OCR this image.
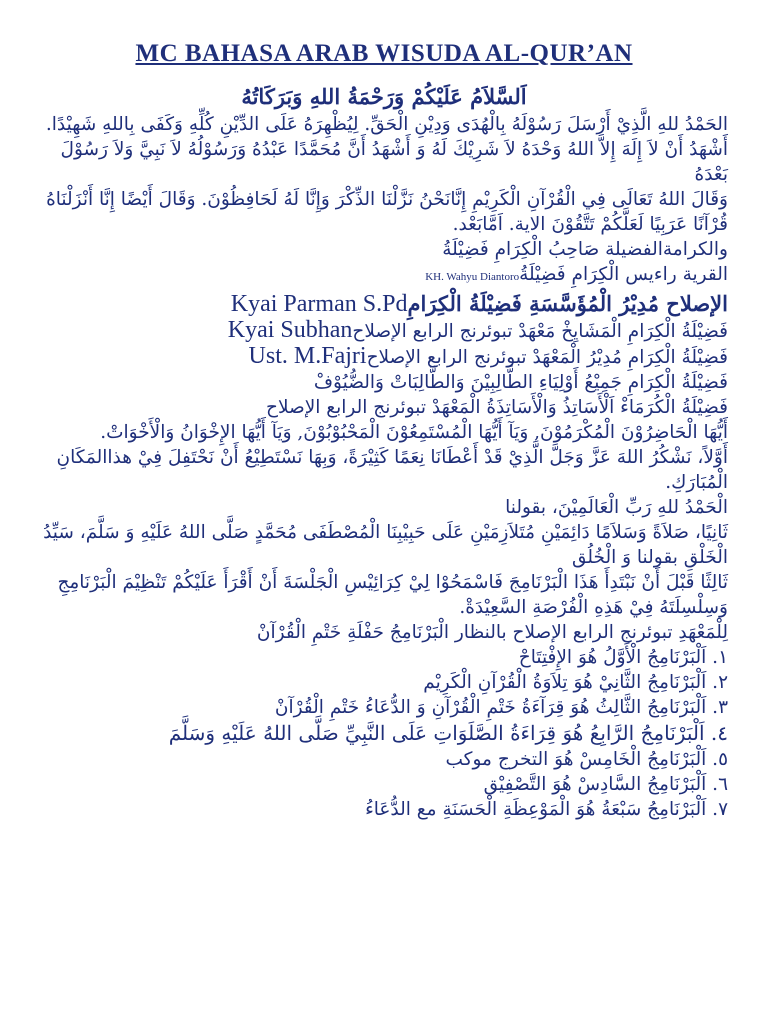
MC BAHASA ARAB WISUDA AL-QUR’AN
اَلسَّلاَمُ عَلَيْكُمْ وَرَحْمَةُ اللهِ وَبَرَكَاتُهُ

الحَمْدُ للهِ الَّذِيْ أَرْسَلَ رَسُوْلَهُ بِالْهُدَى وَدِيْنِ الْحَقِّ. لِيُظْهِرَهُ عَلَى الدِّيْنِ كُلِّهِ وَكَفَى بِاللهِ شَهِيْدًا.

أَشْهَدُ أَنْ لاَ إِلَهَ إِلاَّ اللهُ وَحْدَهُ لاَ شَرِيْكَ لَهُ وَ أَشْهَدُ أَنَّ مُحَمَّدًا عَبْدُهُ وَرَسُوْلُهُ لاَ نَبِيَّ وَلاَ رَسُوْلَ بَعْدَهُ

وَقَالَ اللهُ تَعَالَى فِي الْقُرْآنِ الْكَرِيْمِ إِنَّانَحْنُ نَزَّلْنَا الذِّكْرَ وَإِنَّا لَهُ لَحَافِظُوْنَ. وَقَالَ أَيْضًا إِنَّا أَنْزَلْنَاهُ قُرْآنًا عَرَبِيًا لَعَلَّكُمْ تَتَّقُوْنَ الاية. اَمَّابَعْد.

والكرامةالفضيلة صَاحِبُ الْكِرَامِ فَضِيْلَةُ

القرية راءيس الْكِرَامِ فَضِيْلَةُ KH. Wahyu Diantoro

الإصلاح مُدِيْرُ الْمُؤَسَّسَةِ فَضِيْلَةُ الْكِرَامِ Kyai Parman S.Pd

فَضِيْلَةُ الْكِرَامِ الْمَشَايِخْ مَعْهَدْ تبوئرنج الرابع الإصلاح Kyai Subhan

فَضِيْلَةُ الْكِرَامِ مُدِيْرُ الْمَعْهَدْ تبوئرنج الرابع الإصلاح Ust. M.Fajri

فَضِيْلَةُ الْكِرَامِ جَمِيْعُ أَوْلِيَاءِ الطَّالِبِيْنَ وَالطَّالِبَاتْ وَالضُّيُوْفْ

فَضِيْلَةُ الْكُرَمَاءْ اَلْأَسَاتِذُ وَالْأَسَاتِذَةُ الْمَعْهَدْ تبوئرنج الرابع الإصلاح

أَيُّهَا الْحَاضِرُوْنَ الْمُكْرَمُوْنَ, وَيَآ أَيُّهَا الْمُسْتَمِعُوْنَ الْمَحْبُوْبُوْنَ, وَيَآ أَيُّهَا الإِخْوَانُ وَالْأَخْوَاتْ.

أَوَّلاً، نَشْكُرُ اللهَ عَزَّ وَجَلَّ الَّذِيْ قَدْ أَعْطَانَا نِعَمًا كَثِيْرَةً، وَبِهَا نَسْتَطِيْعُ أَنْ نَحْتَفِلَ فِيْ هذاالمَكَانِ الْمُبَارَكِ.

الْحَمْدُ للهِ رَبِّ الْعَالَمِيْنَ، بقولنا

ثَانِيًا، صَلاَةً وَسَلاَمًا دَائِمَيْنِ مُتَلاَزِمَيْنِ عَلَى حَبِيْبِنَا الْمُصْطَفَى مُحَمَّدٍ صَلَّى اللهُ عَلَيْهِ وَ سَلَّمَ، سَيِّدُ الْخَلْقِ بقولنا وَ الْخُلُق

ثَالِثًا قَبْلَ أَنْ نَبْتَدِأَ هَذَا الْبَرْنَامِجَ فَاسْمَحُوْا لِيْ كِرَائِيْسِ الْجَلْسَةَ أَنْ أَقْرَأَ عَلَيْكُمْ تَنْظِيْمَ الْبَرْنَامِجِ وَسِلْسِلَتَهُ فِيْ هَذِهِ الْفُرْصَةِ السَّعِيْدَةْ.

لِلْمَعْهَدِ تبوئرنج الرابع الإصلاح بالنظار الْبَرْنَامِجُ حَفْلَةِ خَتْمِ الْقُرْآنْ

١. اَلْبَرْنَامِجُ الْأَوَّلُ هُوَ الإِفْتِتَاحْ

٢. اَلْبَرْنَامِجُ الثَّانِيْ هُوَ تِلاَوَةُ الْقُرْآنِ الْكَرِيْم

٣. اَلْبَرْنَامِجُ الثَّالِثُ هُوَ قِرَآءَةُ خَتْمِ الْقُرْآنِ وَ الدُّعَاءُ خَتْمِ الْقُرْآنْ

٤. اَلْبَرْنَامِجُ الرَّابِعُ هُوَ قِرَاءَةُ الصَّلَوَاتِ عَلَى النَّبِيِّ صَلَّى اللهُ عَلَيْهِ وَسَلَّمَ

٥. اَلْبَرْنَامِجُ الْخَامِسْ هُوَ التخرج موكب

٦. اَلْبَرْنَامِجُ السَّادِسْ هُوَ التَّصْفِيْق

٧. اَلْبَرْنَامِجُ سَبْعَةُ هُوَ الْمَوْعِظَةِ الْحَسَنَةِ مع الدُّعَاءُ
